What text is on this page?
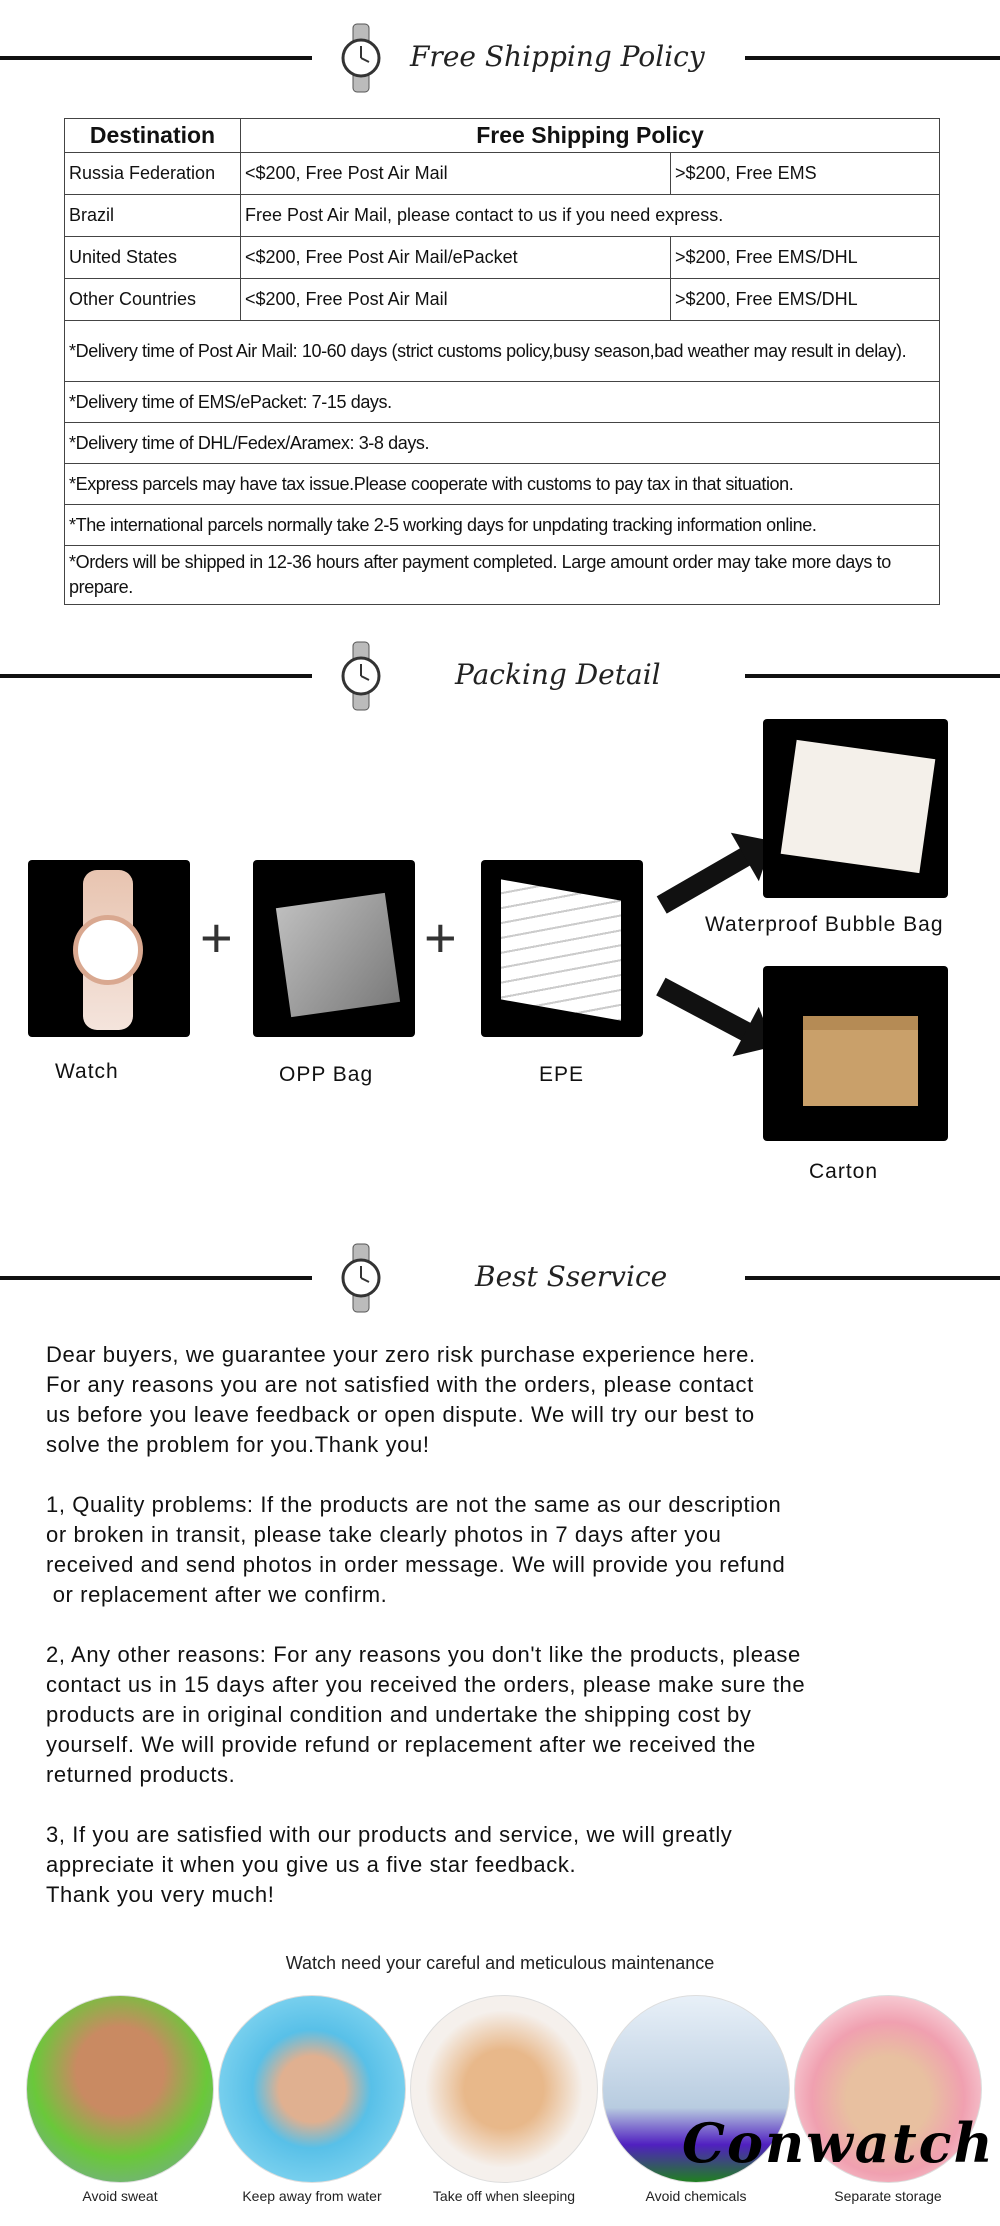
Free Shipping Policy
Destination	Free Shipping Policy	
Russia Federation	<$200, Free Post Air Mail	>$200, Free EMS
Brazil	Free Post Air Mail, please contact to us if you need express.	
United States	<$200, Free Post Air Mail/ePacket	>$200, Free EMS/DHL
Other Countries	<$200, Free Post Air Mail	>$200, Free EMS/DHL
*Delivery time of Post Air Mail: 10-60 days (strict customs policy,busy season,bad weather may result in delay).		
*Delivery time of EMS/ePacket: 7-15 days.		
*Delivery time of DHL/Fedex/Aramex: 3-8 days.		
*Express parcels may have tax issue.Please cooperate with customs to pay tax in that situation.		
*The international parcels normally take 2-5 working days for unpdating tracking information online.		
*Orders will be shipped in 12-36 hours after payment completed. Large amount order may take more days to prepare.		
Packing Detail
+	+	Waterproof Bubble Bag
Carton
Watch	OPP Bag	EPE
Best Sservice

Dear buyers, we guarantee your zero risk purchase experience here.
For any reasons you are not satisfied with the orders, please contact
us before you leave feedback or open dispute. We will try our best to
solve the problem for you.Thank you!

1, Quality problems: If the products are not the same as our description
or broken in transit, please take clearly photos in 7 days after you
received and send photos in order message. We will provide you refund
or replacement after we confirm.

2, Any other reasons: For any reasons you don't like the products, please
contact us in 15 days after you received the orders, please make sure the
products are in original condition and undertake the shipping cost by
yourself. We will provide refund or replacement after we received the
returned products.

3, If you are satisfied with our products and service, we will greatly
appreciate it when you give us a five star feedback.
Thank you very much!

Watch need your careful and meticulous maintenance
Avoid sweat	Keep away from water	Take off when sleeping	Avoid chemicals	Separate storage
Conwatch
